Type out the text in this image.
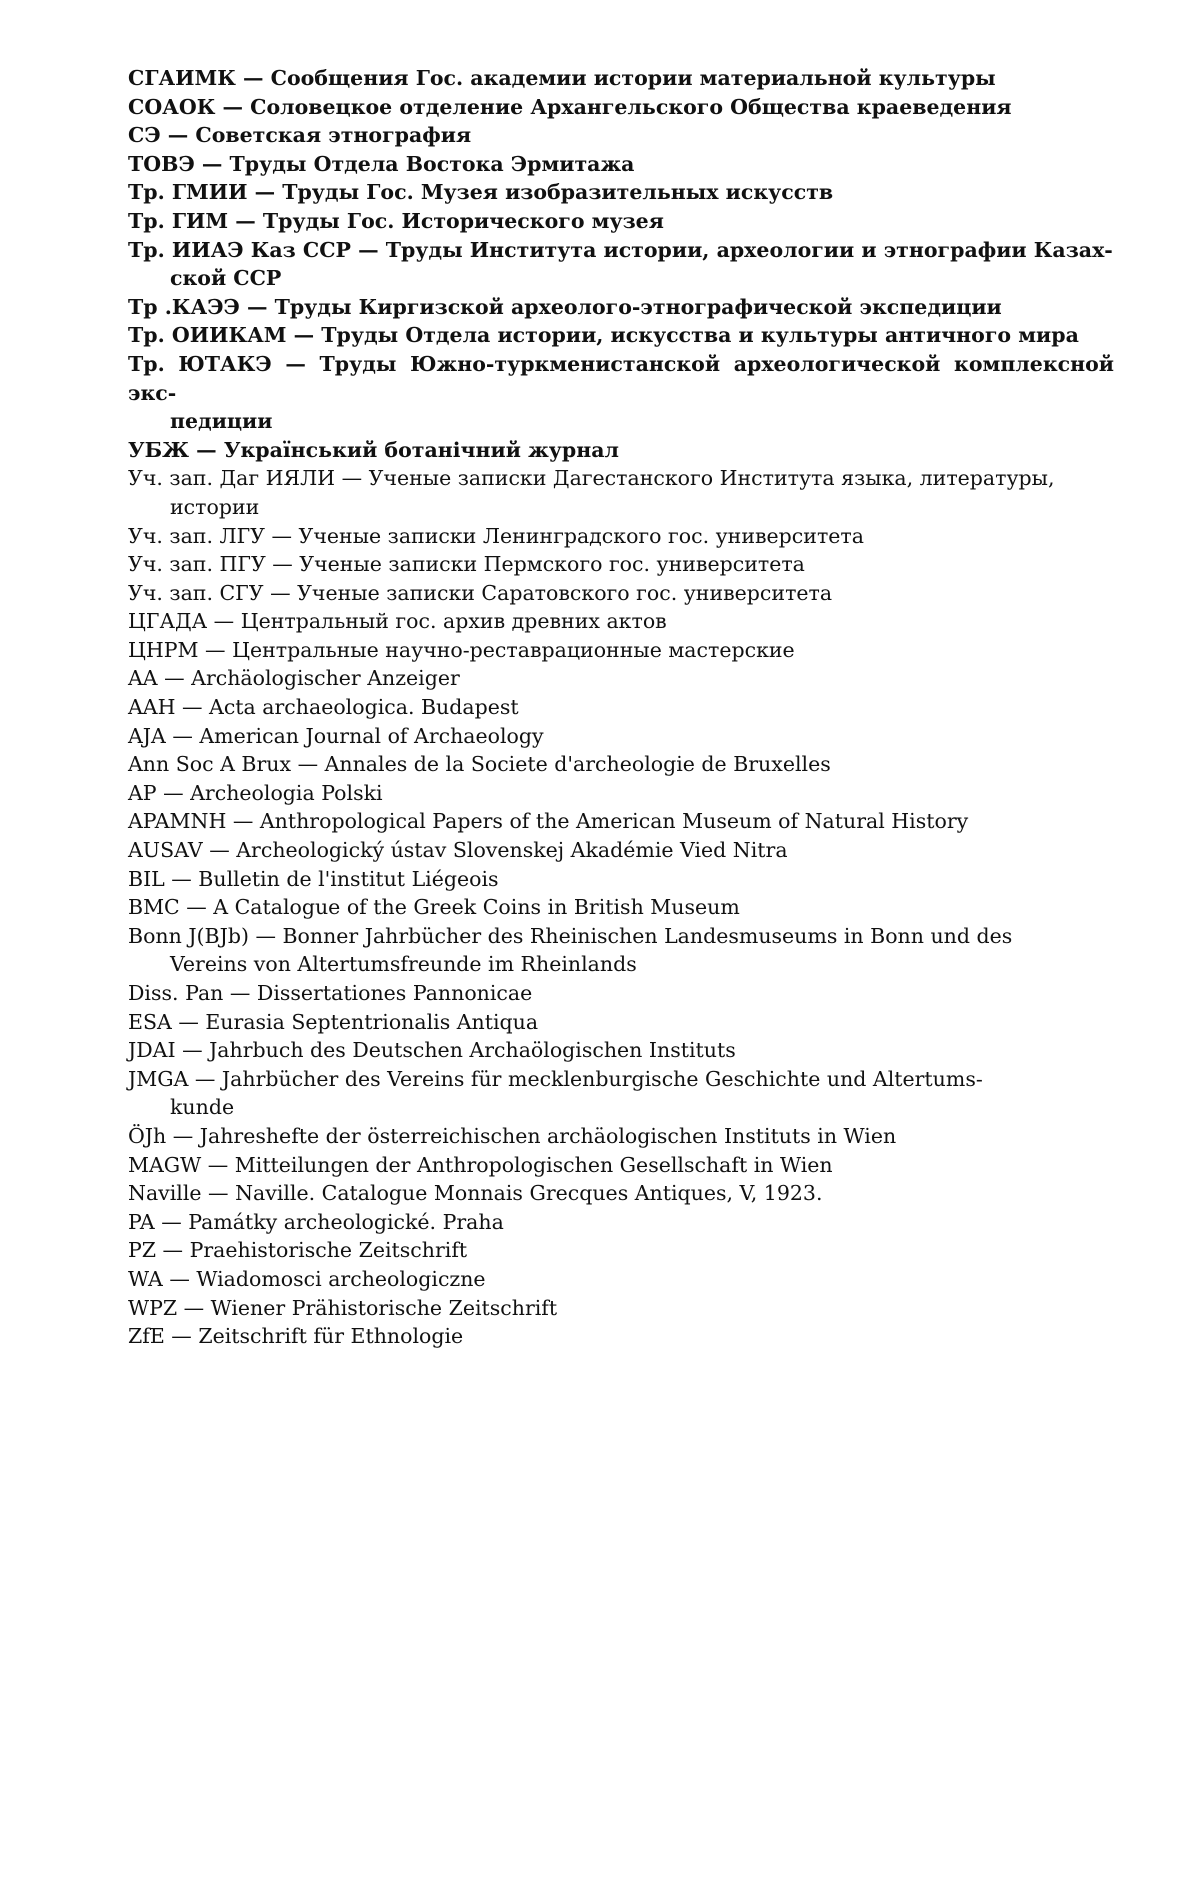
СГАИМК — Сообщения Гос. академии истории материальной культуры
СОАОК — Соловецкое отделение Архангельского Общества краеведения
СЭ — Советская этнография
ТОВЭ — Труды Отдела Востока Эрмитажа
Тр. ГМИИ — Труды Гос. Музея изобразительных искусств
Тр. ГИМ — Труды Гос. Исторического музея
Тр. ИИАЭ Каз ССР — Труды Института истории, археологии и этнографии Казах-
ской ССР
Тр .КАЭЭ — Труды Киргизской археолого-этнографической экспедиции
Тр. ОИИКАМ — Труды Отдела истории, искусства и культуры античного мира
Тр. ЮТАКЭ — Труды Южно-туркменистанской археологической комплексной экс-
педиции
УБЖ — Український ботанічний журнал
Уч. зап. Даг ИЯЛИ — Ученые записки Дагестанского Института языка, литературы,
истории
Уч. зап. ЛГУ — Ученые записки Ленинградского гос. университета
Уч. зап. ПГУ — Ученые записки Пермского гос. университета
Уч. зап. СГУ — Ученые записки Саратовского гос. университета
ЦГАДА — Центральный гос. архив древних актов
ЦНРМ — Центральные научно-реставрационные мастерские
AA — Archäologischer Anzeiger
AAH — Acta archaeologica. Budapest
AJA — American Journal of Archaeology
Ann Soc A Brux — Annales de la Societe d'archeologie de Bruxelles
AP — Archeologia Polski
APAMNH — Anthropological Papers of the American Museum of Natural History
AUSAV — Archeologický ústav Slovenskej Akadémie Vied Nitra
BIL — Bulletin de l'institut Liégeois
BMC — A Catalogue of the Greek Coins in British Museum
Bonn J(BJb) — Bonner Jahrbücher des Rheinischen Landesmuseums in Bonn und des
Vereins von Altertumsfreunde im Rheinlands
Diss. Pan — Dissertationes Pannonicae
ESA — Eurasia Septentrionalis Antiqua
JDAI — Jahrbuch des Deutschen Archaölogischen Instituts
JMGA — Jahrbücher des Vereins für mecklenburgische Geschichte und Altertums-
kunde
ÖJh — Jahreshefte der österreichischen archäologischen Instituts in Wien
MAGW — Mitteilungen der Anthropologischen Gesellschaft in Wien
Naville — Naville. Catalogue Monnais Grecques Antiques, V, 1923.
PA — Památky archeologické. Praha
PZ — Praehistorische Zeitschrift
WA — Wiadomosci archeologiczne
WPZ — Wiener Prähistorische Zeitschrift
ZfE — Zeitschrift für Ethnologie
